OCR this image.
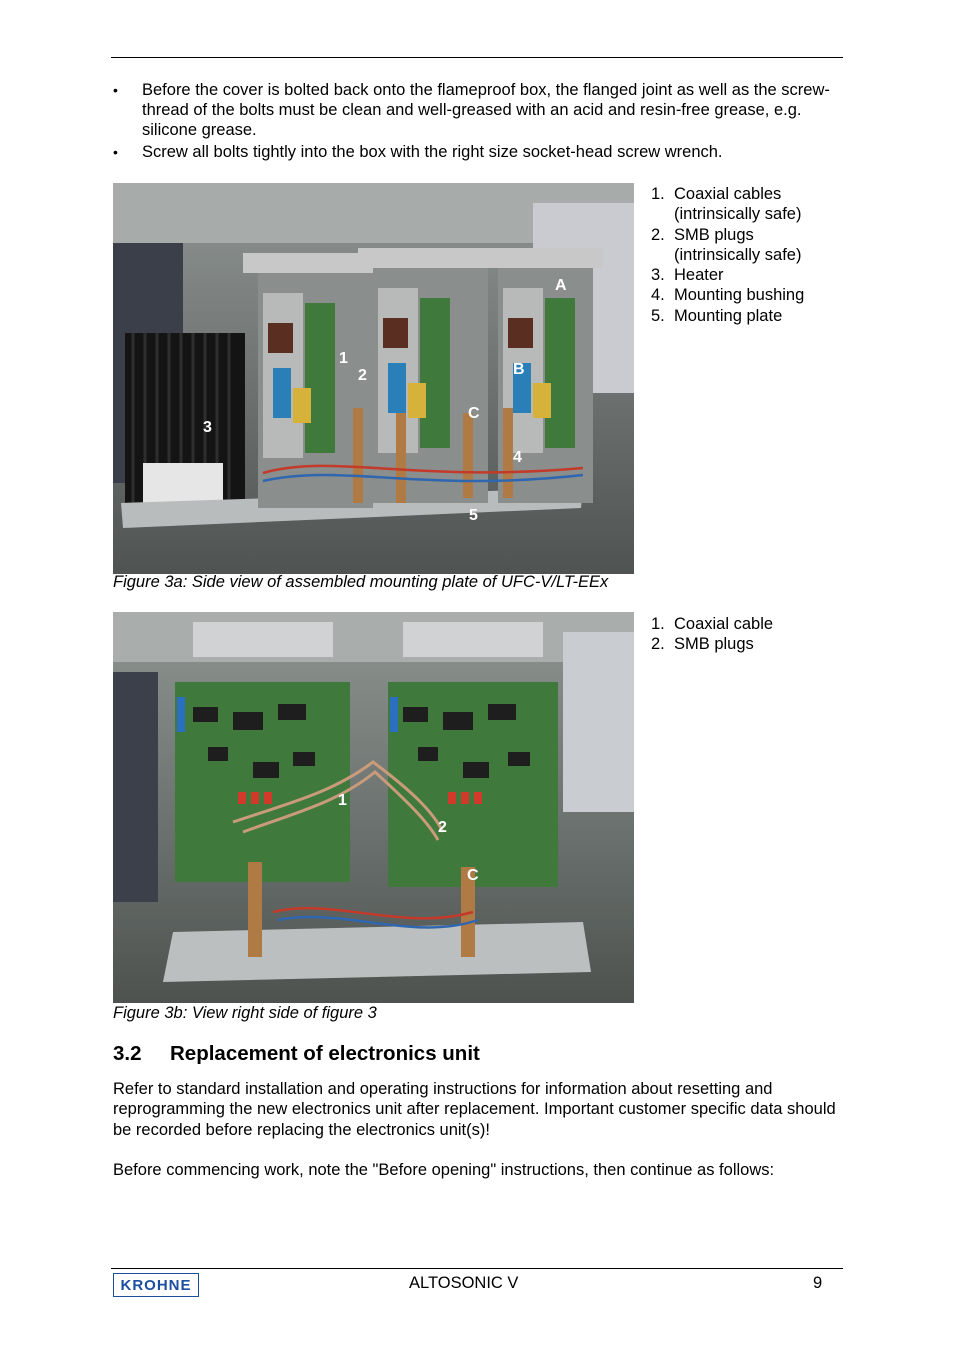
• Before the cover is bolted back onto the flameproof box, the flanged joint as well as the screw-thread of the bolts must be clean and well-greased with an acid and resin-free grease, e.g. silicone grease.
• Screw all bolts tightly into the box with the right size socket-head screw wrench.
A
B
C
1
2
3
4
5
1. Coaxial cables
(intrinsically safe)
2. SMB plugs
(intrinsically safe)
3. Heater
4. Mounting bushing
5. Mounting plate
Figure 3a: Side view of assembled mounting plate of UFC-V/LT-EEx
1
2
C
1. Coaxial cable
2. SMB plugs
Figure 3b: View right side of figure 3
3.2	Replacement of electronics unit

Refer to standard installation and operating instructions for information about resetting and reprogramming the new electronics unit after replacement. Important customer specific data should be recorded before replacing the electronics unit(s)!

Before commencing work, note the "Before opening" instructions, then continue as follows:

KROHNE	ALTOSONIC V	9
